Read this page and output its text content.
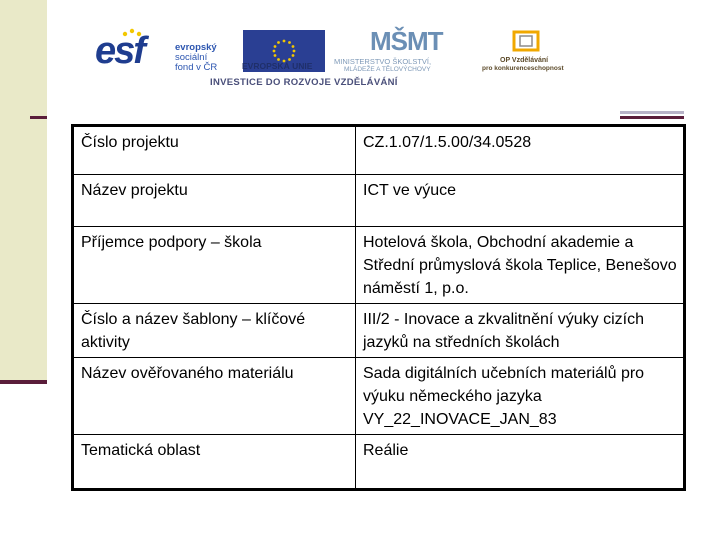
esf	evropský
sociální
fond v ČR	EVROPSKÁ UNIE
MŠMT
MINISTERSTVO ŠKOLSTVÍ,
MLÁDEŽE A TĚLOVÝCHOVY
OP Vzdělávání
pro konkurenceschopnost
INVESTICE DO ROZVOJE VZDĚLÁVÁNÍ
Číslo projektu	CZ.1.07/1.5.00/34.0528
Název projektu	ICT ve výuce
Příjemce podpory – škola	Hotelová škola, Obchodní akademie a Střední průmyslová škola Teplice, Benešovo náměstí 1, p.o.
Číslo a název šablony – klíčové aktivity	III/2 - Inovace a zkvalitnění výuky cizích jazyků na středních školách
Název ověřovaného materiálu	Sada digitálních učebních materiálů pro výuku německého jazyka VY_22_INOVACE_JAN_83
Tematická oblast	Reálie
